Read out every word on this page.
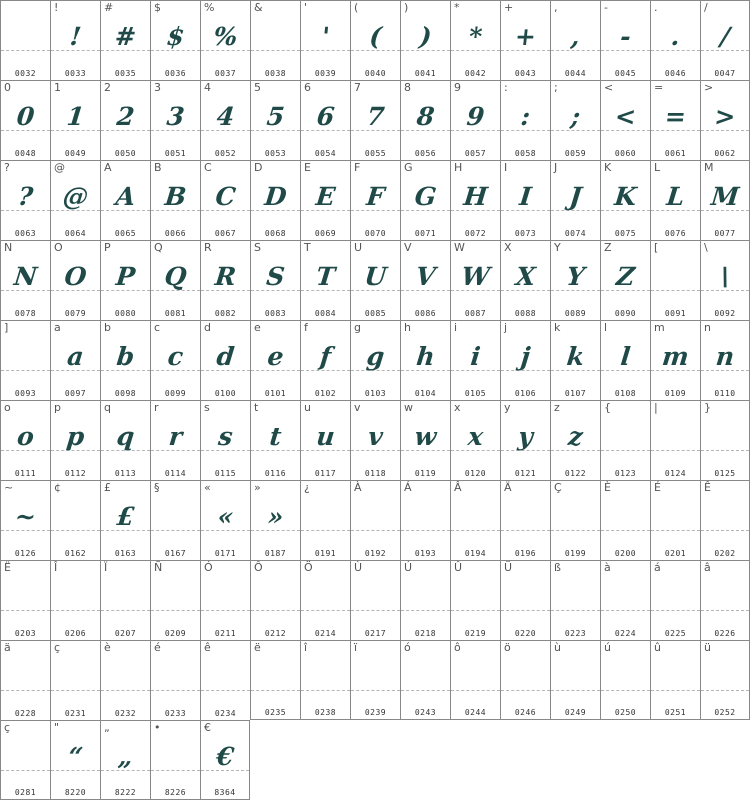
0032
!
!
0033
#
#
0035
$
$
0036
%
%
0037
&
0038
'
'
0039
(
(
0040
)
)
0041
*
*
0042
+
+
0043
,
,
0044
-
-
0045
.
.
0046
/
/
0047
0
0
0048
1
1
0049
2
2
0050
3
3
0051
4
4
0052
5
5
0053
6
6
0054
7
7
0055
8
8
0056
9
9
0057
:
:
0058
;
;
0059
<
<
0060
=
=
0061
>
>
0062
?
?
0063
@
@
0064
A
A
0065
B
B
0066
C
C
0067
D
D
0068
E
E
0069
F
F
0070
G
G
0071
H
H
0072
I
I
0073
J
J
0074
K
K
0075
L
L
0076
M
M
0077
N
N
0078
O
O
0079
P
P
0080
Q
Q
0081
R
R
0082
S
S
0083
T
T
0084
U
U
0085
V
V
0086
W
W
0087
X
X
0088
Y
Y
0089
Z
Z
0090
[
0091
\
\
0092
]
0093
a
a
0097
b
b
0098
c
c
0099
d
d
0100
e
e
0101
f
f
0102
g
g
0103
h
h
0104
i
i
0105
j
j
0106
k
k
0107
l
l
0108
m
m
0109
n
n
0110
o
o
0111
p
p
0112
q
q
0113
r
r
0114
s
s
0115
t
t
0116
u
u
0117
v
v
0118
w
w
0119
x
x
0120
y
y
0121
z
z
0122
{
0123
|
0124
}
0125
~
~
0126
¢
0162
£
£
0163
§
0167
«
«
0171
»
»
0187
¿
0191
À
0192
Á
0193
Â
0194
Ä
0196
Ç
0199
È
0200
É
0201
Ê
0202
Ë
0203
Î
0206
Ï
0207
Ñ
0209
Ó
0211
Ô
0212
Ö
0214
Ù
0217
Ú
0218
Û
0219
Ü
0220
ß
0223
à
0224
á
0225
â
0226
ä
0228
ç
0231
è
0232
é
0233
ê
0234
ë
0235
î
0238
ï
0239
ó
0243
ô
0244
ö
0246
ù
0249
ú
0250
û
0251
ü
0252
ç
0281
"
“
8220
„
„
8222
•
8226
€
€
8364
